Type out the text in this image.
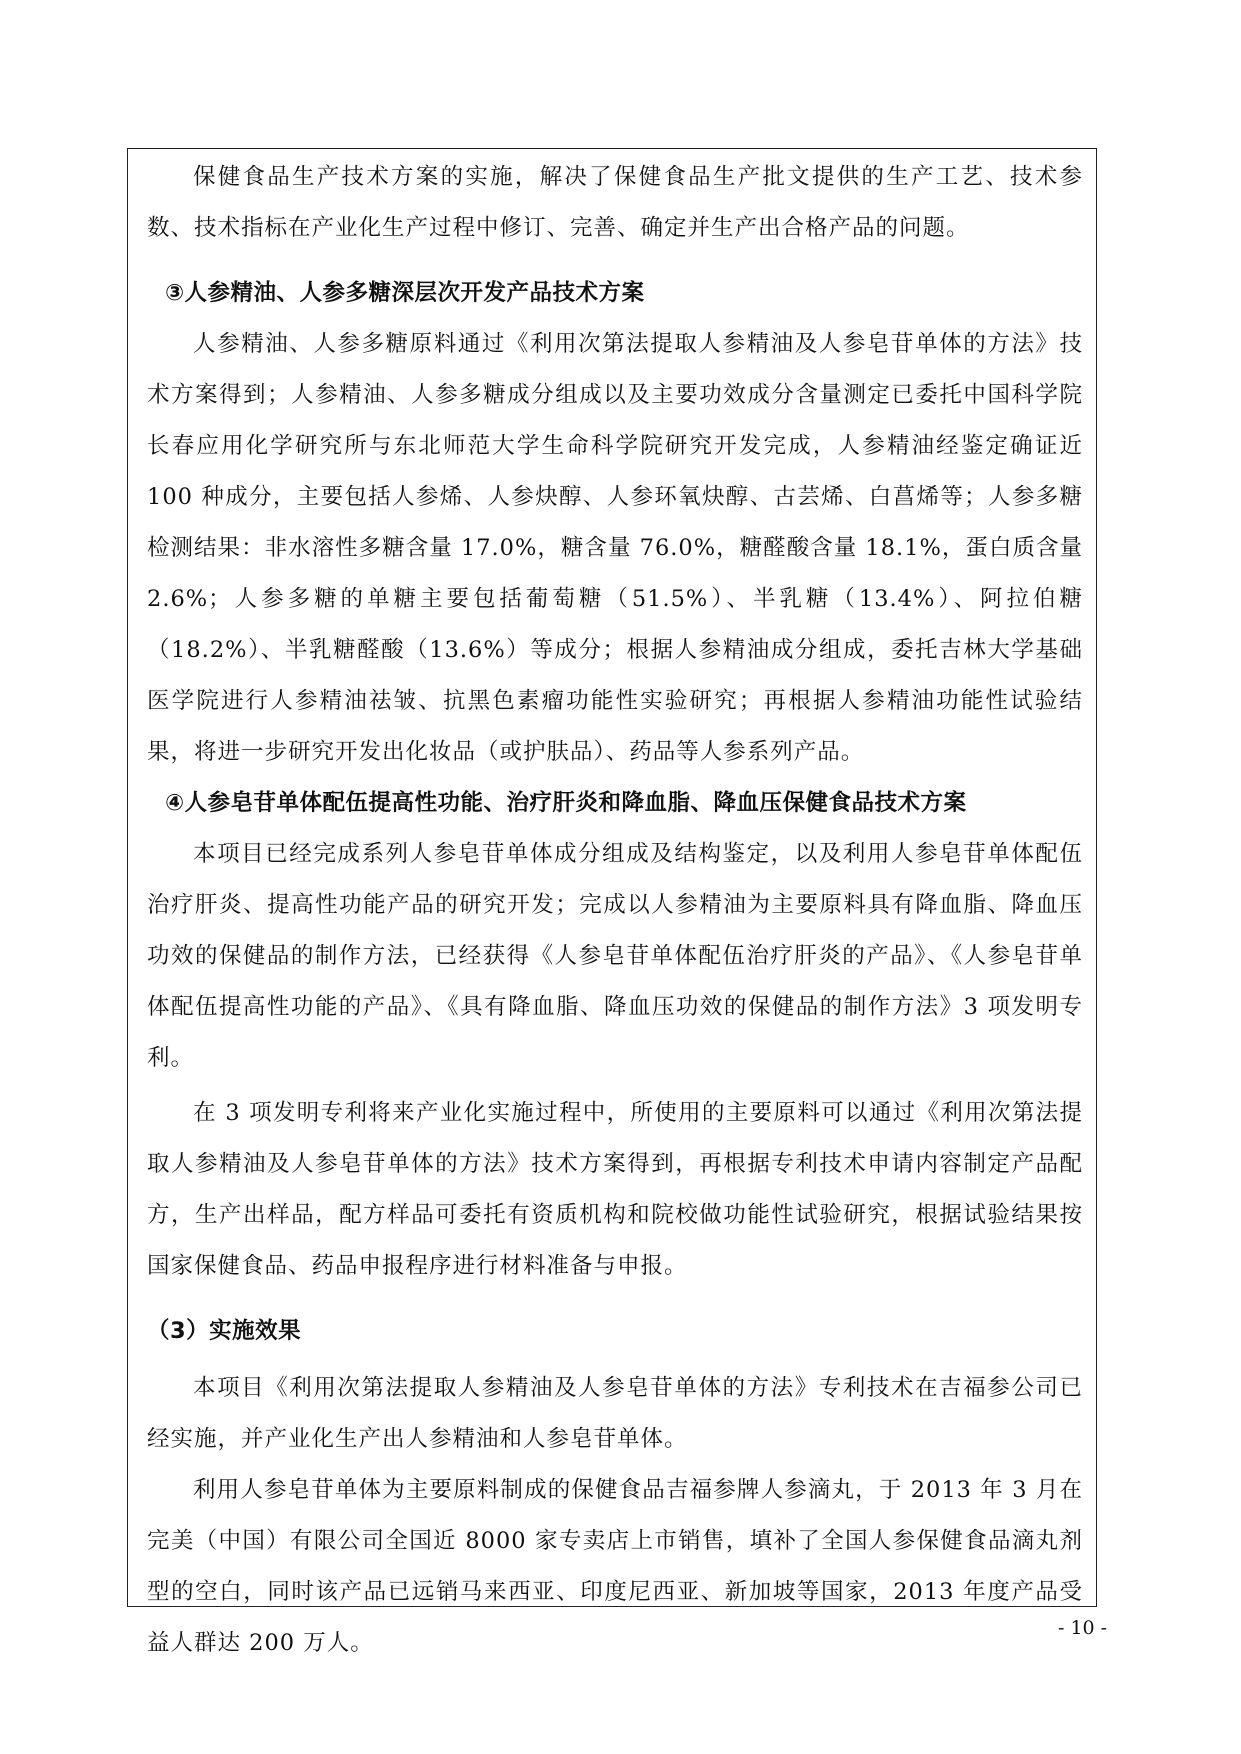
保健食品生产技术方案的实施，解决了保健食品生产批文提供的生产工艺、技术参数、技术指标在产业化生产过程中修订、完善、确定并生产出合格产品的问题。

③人参精油、人参多糖深层次开发产品技术方案

人参精油、人参多糖原料通过《利用次第法提取人参精油及人参皂苷单体的方法》技术方案得到；人参精油、人参多糖成分组成以及主要功效成分含量测定已委托中国科学院长春应用化学研究所与东北师范大学生命科学院研究开发完成，人参精油经鉴定确证近 100 种成分，主要包括人参烯、人参炔醇、人参环氧炔醇、古芸烯、白菖烯等；人参多糖检测结果：非水溶性多糖含量 17.0%，糖含量 76.0%，糖醛酸含量 18.1%，蛋白质含量 2.6%；人参多糖的单糖主要包括葡萄糖（51.5%）、半乳糖（13.4%）、阿拉伯糖（18.2%）、半乳糖醛酸（13.6%）等成分；根据人参精油成分组成，委托吉林大学基础医学院进行人参精油祛皱、抗黑色素瘤功能性实验研究；再根据人参精油功能性试验结果，将进一步研究开发出化妆品（或护肤品）、药品等人参系列产品。

④人参皂苷单体配伍提高性功能、治疗肝炎和降血脂、降血压保健食品技术方案

本项目已经完成系列人参皂苷单体成分组成及结构鉴定，以及利用人参皂苷单体配伍治疗肝炎、提高性功能产品的研究开发；完成以人参精油为主要原料具有降血脂、降血压功效的保健品的制作方法，已经获得《人参皂苷单体配伍治疗肝炎的产品》、《人参皂苷单体配伍提高性功能的产品》、《具有降血脂、降血压功效的保健品的制作方法》3 项发明专利。

在 3 项发明专利将来产业化实施过程中，所使用的主要原料可以通过《利用次第法提取人参精油及人参皂苷单体的方法》技术方案得到，再根据专利技术申请内容制定产品配方，生产出样品，配方样品可委托有资质机构和院校做功能性试验研究，根据试验结果按国家保健食品、药品申报程序进行材料准备与申报。

（3）实施效果

本项目《利用次第法提取人参精油及人参皂苷单体的方法》专利技术在吉福参公司已经实施，并产业化生产出人参精油和人参皂苷单体。

利用人参皂苷单体为主要原料制成的保健食品吉福参牌人参滴丸，于 2013 年 3 月在完美（中国）有限公司全国近 8000 家专卖店上市销售，填补了全国人参保健食品滴丸剂型的空白，同时该产品已远销马来西亚、印度尼西亚、新加坡等国家，2013 年度产品受益人群达 200 万人。

- 10 -
